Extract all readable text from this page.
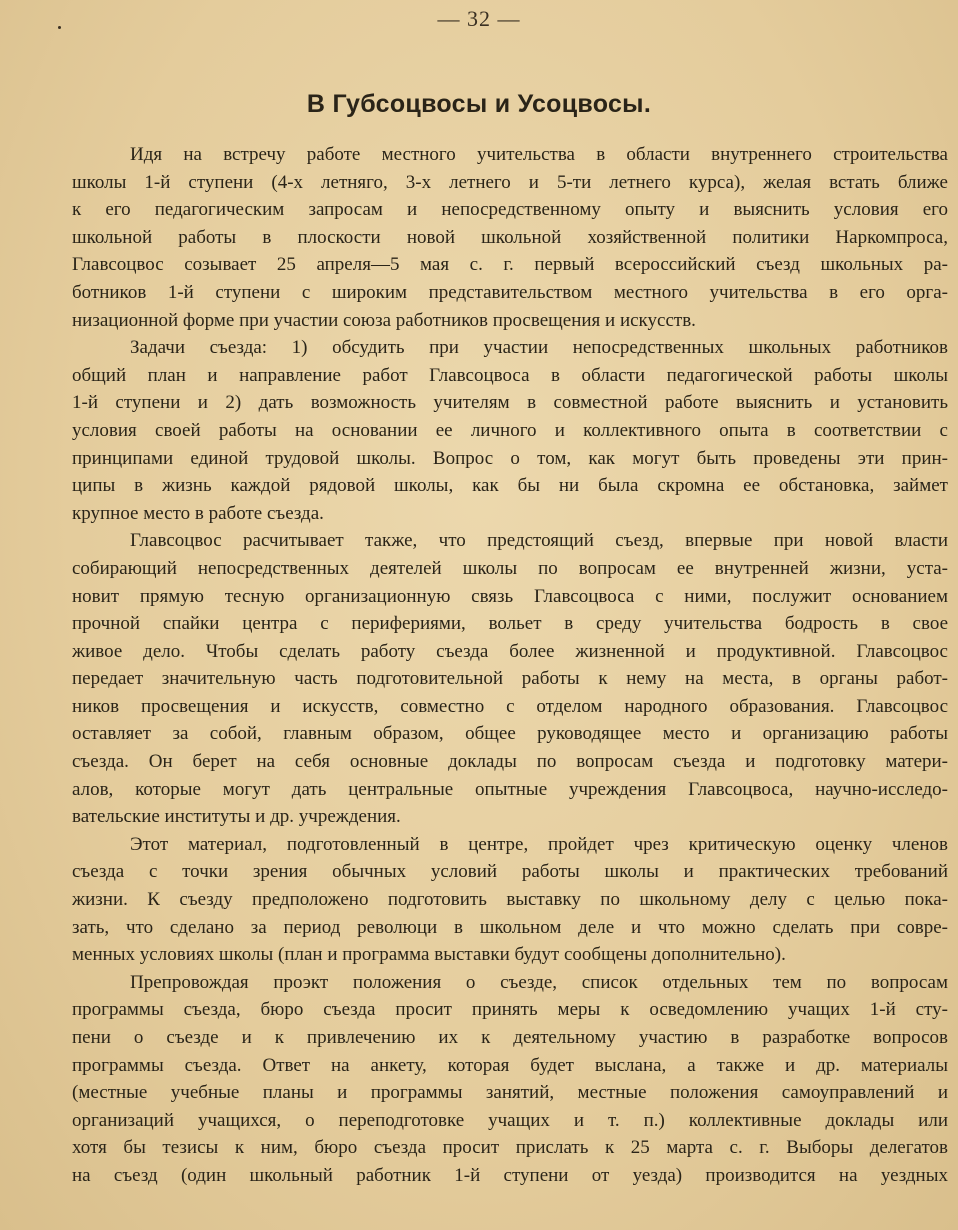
— 32 —
В Губсоцвосы и Усоцвосы.
Идя на встречу работе местного учительства в области внутреннего строительства
школы 1-й ступени (4-х летняго, 3-х летнего и 5-ти летнего курса), желая встать ближе
к его педагогическим запросам и непосредственному опыту и выяснить условия его
школьной работы в плоскости новой школьной хозяйственной политики Наркомпроса,
Главсоцвос созывает 25 апреля—5 мая с. г. первый всероссийский съезд школьных ра-
ботников 1-й ступени с широким представительством местного учительства в его орга-
низационной форме при участии союза работников просвещения и искусств.
Задачи съезда: 1) обсудить при участии непосредственных школьных работников
общий план и направление работ Главсоцвоса в области педагогической работы школы
1-й ступени и 2) дать возможность учителям в совместной работе выяснить и установить
условия своей работы на основании ее личного и коллективного опыта в соответствии с
принципами единой трудовой школы. Вопрос о том, как могут быть проведены эти прин-
ципы в жизнь каждой рядовой школы, как бы ни была скромна ее обстановка, займет
крупное место в работе съезда.
Главсоцвос расчитывает также, что предстоящий съезд, впервые при новой власти
собирающий непосредственных деятелей школы по вопросам ее внутренней жизни, уста-
новит прямую тесную организационную связь Главсоцвоса с ними, послужит основанием
прочной спайки центра с перифериями, вольет в среду учительства бодрость в свое
живое дело. Чтобы сделать работу съезда более жизненной и продуктивной. Главсоцвос
передает значительную часть подготовительной работы к нему на места, в органы работ-
ников просвещения и искусств, совместно с отделом народного образования. Главсоцвос
оставляет за собой, главным образом, общее руководящее место и организацию работы
съезда. Он берет на себя основные доклады по вопросам съезда и подготовку матери-
алов, которые могут дать центральные опытные учреждения Главсоцвоса, научно-исследо-
вательские институты и др. учреждения.
Этот материал, подготовленный в центре, пройдет чрез критическую оценку членов
съезда с точки зрения обычных условий работы школы и практических требований
жизни. К съезду предположено подготовить выставку по школьному делу с целью пока-
зать, что сделано за период революци в школьном деле и что можно сделать при совре-
менных условиях школы (план и программа выставки будут сообщены дополнительно).
Препровождая проэкт положения о съезде, список отдельных тем по вопросам
программы съезда, бюро съезда просит принять меры к осведомлению учащих 1-й сту-
пени о съезде и к привлечению их к деятельному участию в разработке вопросов
программы съезда. Ответ на анкету, которая будет выслана, а также и др. материалы
(местные учебные планы и программы занятий, местные положения самоуправлений и
организаций учащихся, о переподготовке учащих и т. п.) коллективные доклады или
хотя бы тезисы к ним, бюро съезда просит прислать к 25 марта с. г. Выборы делегатов
на съезд (один школьный работник 1-й ступени от уезда) производится на уездных
